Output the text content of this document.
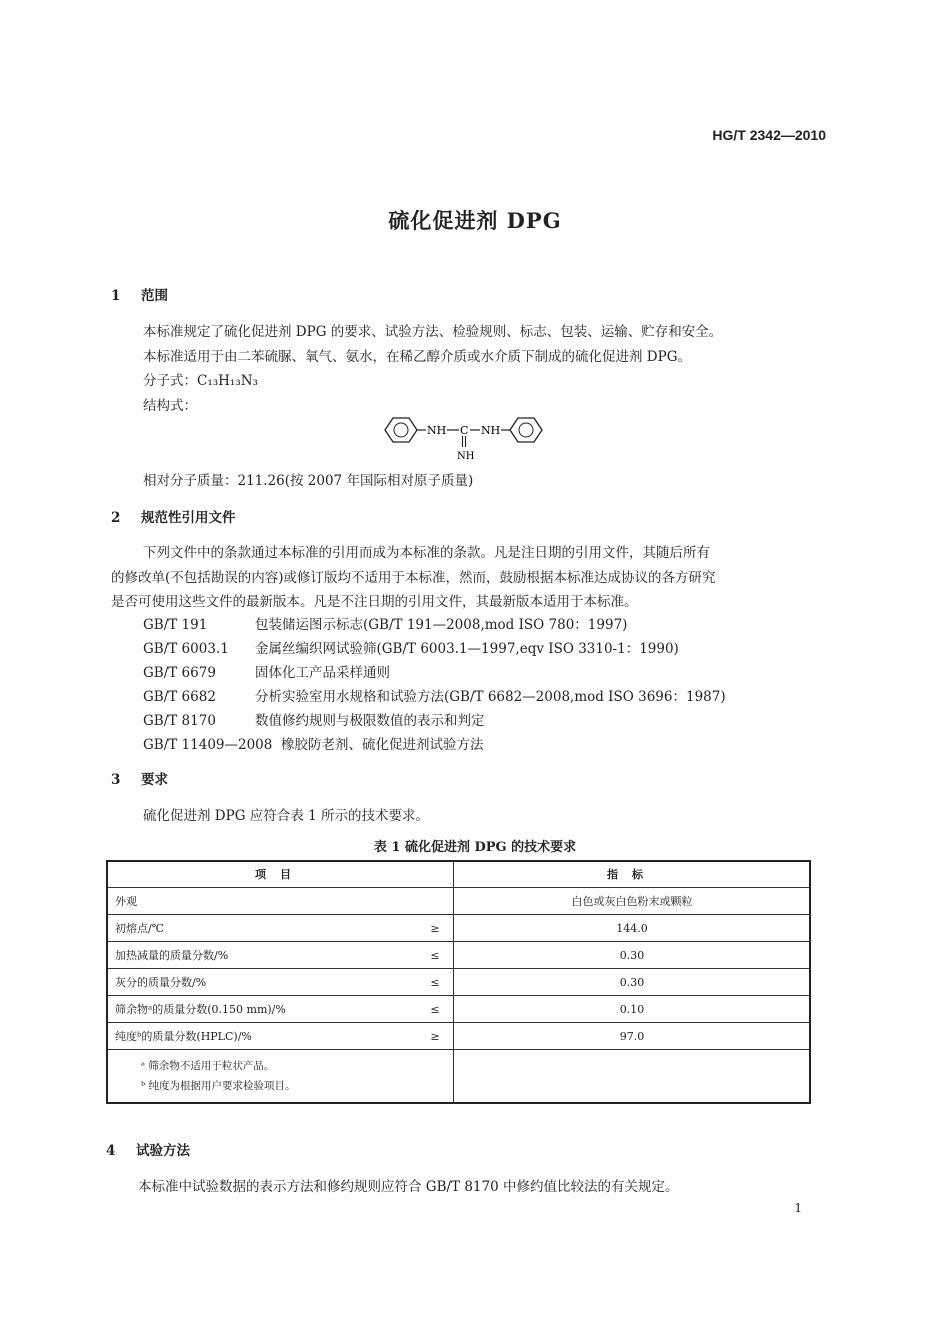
HG/T 2342—2010
硫化促进剂 DPG
1 范围
本标准规定了硫化促进剂 DPG 的要求、试验方法、检验规则、标志、包装、运输、贮存和安全。
本标准适用于由二苯硫脲、氧气、氨水，在稀乙醇介质或水介质下制成的硫化促进剂 DPG。
分子式：C₁₃H₁₃N₃
结构式：
NH C NH
NH
相对分子质量：211.26(按 2007 年国际相对原子质量)
2 规范性引用文件
下列文件中的条款通过本标准的引用而成为本标准的条款。凡是注日期的引用文件，其随后所有
的修改单(不包括勘误的内容)或修订版均不适用于本标准，然而，鼓励根据本标准达成协议的各方研究
是否可使用这些文件的最新版本。凡是不注日期的引用文件，其最新版本适用于本标准。
GB/T 191	包装储运图示标志(GB/T 191—2008,mod ISO 780：1997)
GB/T 6003.1 金属丝编织网试验筛(GB/T 6003.1—1997,eqv ISO 3310-1：1990)
GB/T 6679	固体化工产品采样通则
GB/T 6682	分析实验室用水规格和试验方法(GB/T 6682—2008,mod ISO 3696：1987)
GB/T 8170	数值修约规则与极限数值的表示和判定
GB/T 11409—2008 橡胶防老剂、硫化促进剂试验方法
3 要求
硫化促进剂 DPG 应符合表 1 所示的技术要求。
表 1 硫化促进剂 DPG 的技术要求
项目		指标
外观		白色或灰白色粉末或颗粒
初熔点/℃	≥	144.0
加热减量的质量分数/%	≤	0.30
灰分的质量分数/%	≤	0.30
筛余物ᵃ的质量分数(0.150 mm)/%	≤	0.10
纯度ᵇ的质量分数(HPLC)/%	≥	97.0

ᵃ 筛余物不适用于粒状产品。
ᵇ 纯度为根据用户要求检验项目。		

4 试验方法
本标准中试验数据的表示方法和修约规则应符合 GB/T 8170 中修约值比较法的有关规定。
1
